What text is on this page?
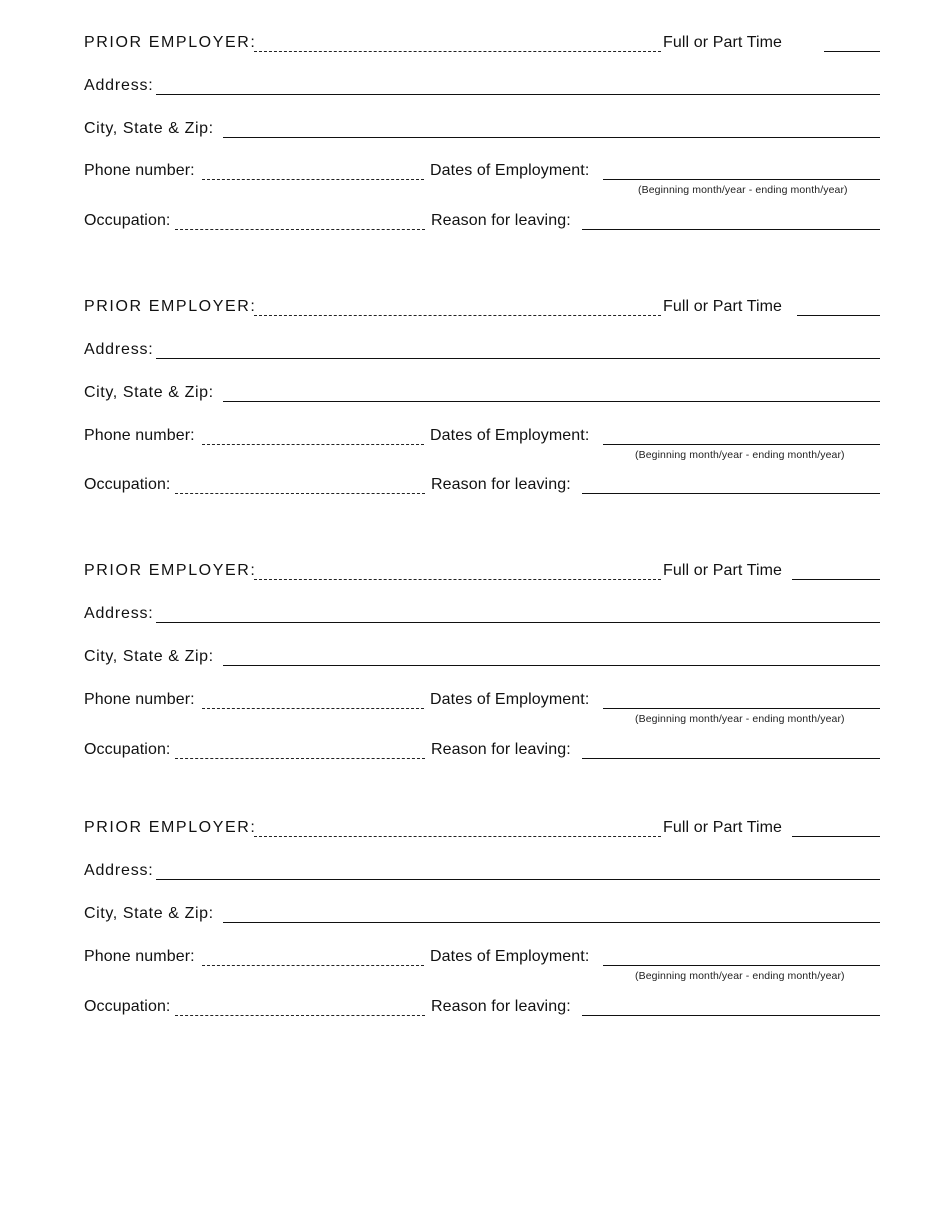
PRIOR EMPLOYER:	Full or Part Time
Address:
City, State & Zip:
Phone number:	Dates of Employment:
(Beginning month/year - ending month/year)
Occupation:	Reason for leaving:
PRIOR EMPLOYER:	Full or Part Time
Address:
City, State & Zip:
Phone number:	Dates of Employment:
(Beginning month/year - ending month/year)
Occupation:	Reason for leaving:
PRIOR EMPLOYER:	Full or Part Time
Address:
City, State & Zip:
Phone number:	Dates of Employment:
(Beginning month/year - ending month/year)
Occupation:	Reason for leaving:
PRIOR EMPLOYER:	Full or Part Time
Address:
City, State & Zip:
Phone number:	Dates of Employment:
(Beginning month/year - ending month/year)
Occupation:	Reason for leaving:
